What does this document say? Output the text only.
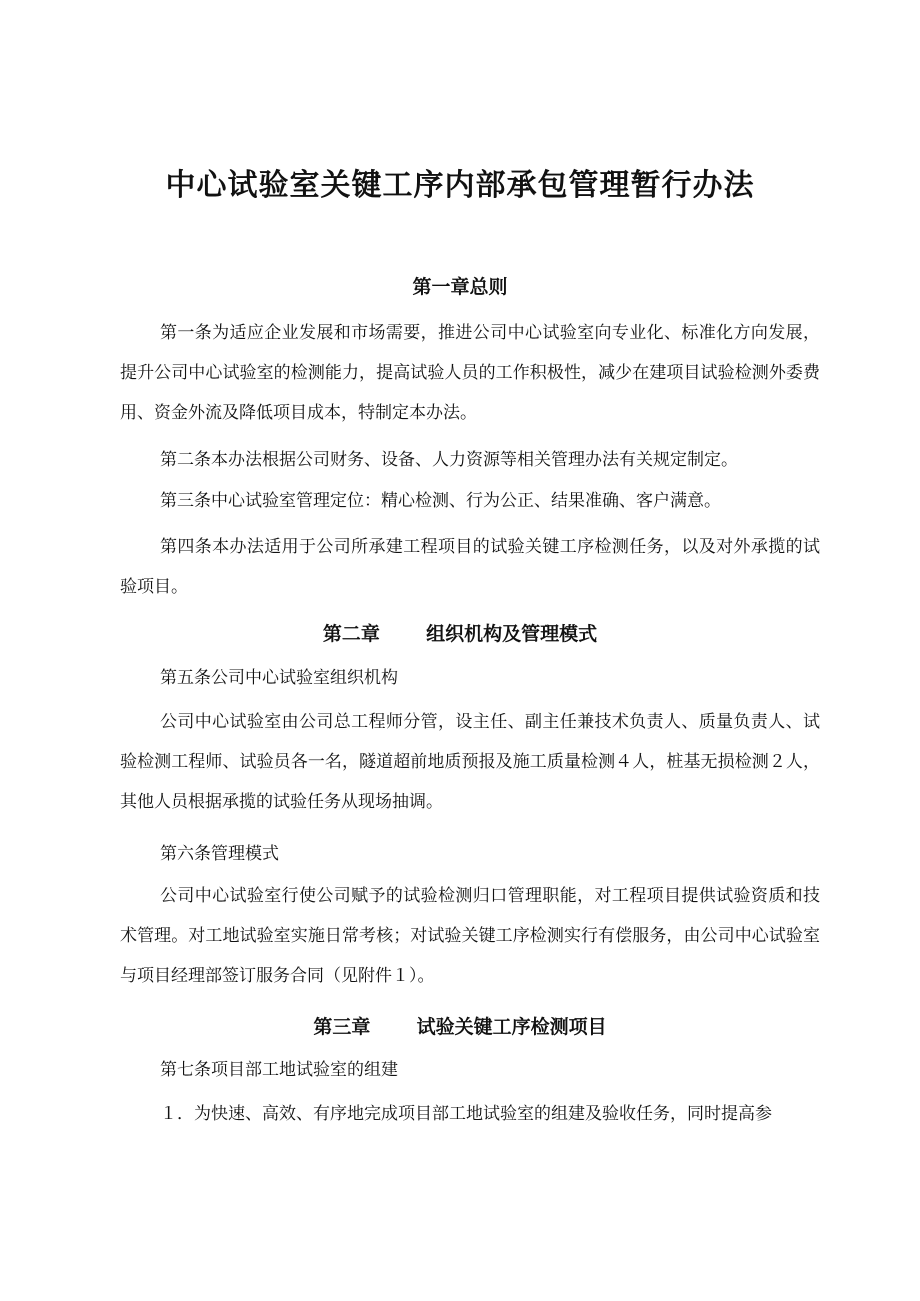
中心试验室关键工序内部承包管理暂行办法
第一章总则

第一条为适应企业发展和市场需要，推进公司中心试验室向专业化、标准化方向发展，提升公司中心试验室的检测能力，提高试验人员的工作积极性，减少在建项目试验检测外委费用、资金外流及降低项目成本，特制定本办法。

第二条本办法根据公司财务、设备、人力资源等相关管理办法有关规定制定。

第三条中心试验室管理定位：精心检测、行为公正、结果准确、客户满意。

第四条本办法适用于公司所承建工程项目的试验关键工序检测任务，以及对外承揽的试验项目。

第二章       组织机构及管理模式

第五条公司中心试验室组织机构

公司中心试验室由公司总工程师分管，设主任、副主任兼技术负责人、质量负责人、试验检测工程师、试验员各一名，隧道超前地质预报及施工质量检测４人，桩基无损检测２人，其他人员根据承揽的试验任务从现场抽调。

第六条管理模式

公司中心试验室行使公司赋予的试验检测归口管理职能，对工程项目提供试验资质和技术管理。对工地试验室实施日常考核；对试验关键工序检测实行有偿服务，由公司中心试验室与项目经理部签订服务合同（见附件１）。

第三章       试验关键工序检测项目

第七条项目部工地试验室的组建

１．为快速、高效、有序地完成项目部工地试验室的组建及验收任务，同时提高参
